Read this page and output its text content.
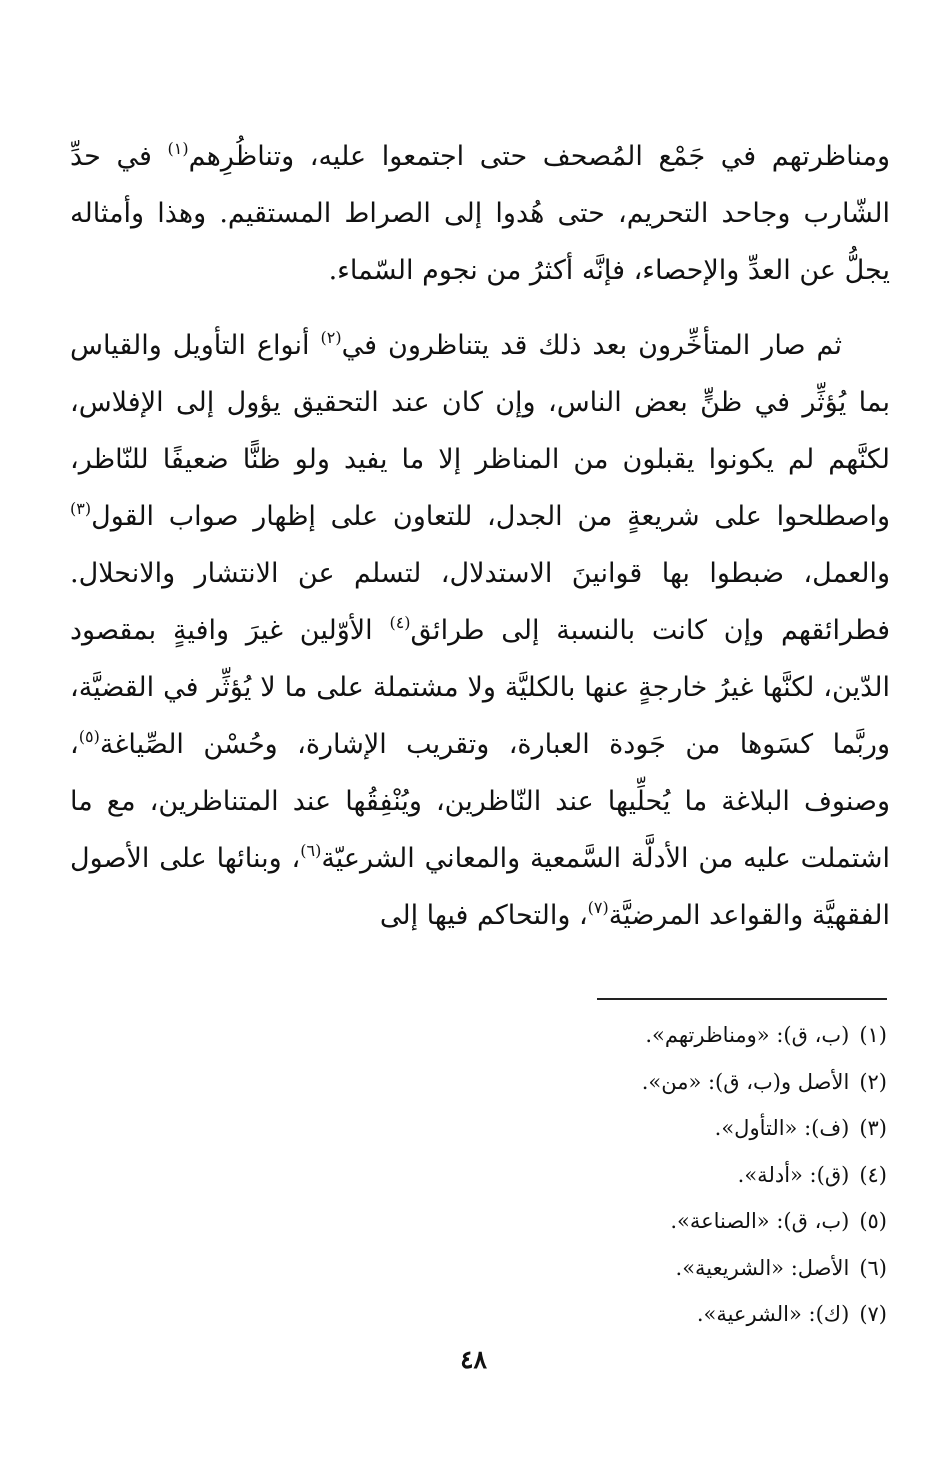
ومناظرتهم في جَمْع المُصحف حتى اجتمعوا عليه، وتناظُرِهم$^{(١)}$ في حدِّ الشّارب وجاحد التحريم، حتى هُدوا إلى الصراط المستقيم. وهذا وأمثاله يجلُّ عن العدِّ والإحصاء، فإنَّه أكثرُ من نجوم السّماء.

ثم صار المتأخِّرون بعد ذلك قد يتناظرون في$^{(٢)}$ أنواع التأويل والقياس بما يُؤثِّر في ظنٍّ بعض الناس، وإن كان عند التحقيق يؤول إلى الإفلاس، لكنَّهم لم يكونوا يقبلون من المناظر إلا ما يفيد ولو ظنًّا ضعيفًا للنّاظر، واصطلحوا على شريعةٍ من الجدل، للتعاون على إظهار صواب القول$^{(٣)}$ والعمل، ضبطوا بها قوانينَ الاستدلال، لتسلم عن الانتشار والانحلال. فطرائقهم وإن كانت بالنسبة إلى طرائق$^{(٤)}$ الأوّلين غيرَ وافيةٍ بمقصود الدّين، لكنَّها غيرُ خارجةٍ عنها بالكليَّة ولا مشتملة على ما لا يُؤثِّر في القضيَّة، وربَّما كسَوها من جَودة العبارة، وتقريب الإشارة، وحُسْن الصِّياغة$^{(٥)}$، وصنوف البلاغة ما يُحلِّيها عند النّاظرين، ويُنْفِقُها عند المتناظرين، مع ما اشتملت عليه من الأدلَّة السَّمعية والمعاني الشرعيّة$^{(٦)}$، وبنائها على الأصول الفقهيَّة والقواعد المرضيَّة$^{(٧)}$، والتحاكم فيها إلى

(١)(ب، ق): «ومناظرتهم».
(٢)الأصل و(ب، ق): «من».
(٣)(ف): «التأول».
(٤)(ق): «أدلة».
(٥)(ب، ق): «الصناعة».
(٦)الأصل: «الشريعية».
(٧)(ك): «الشرعية».
٤٨
